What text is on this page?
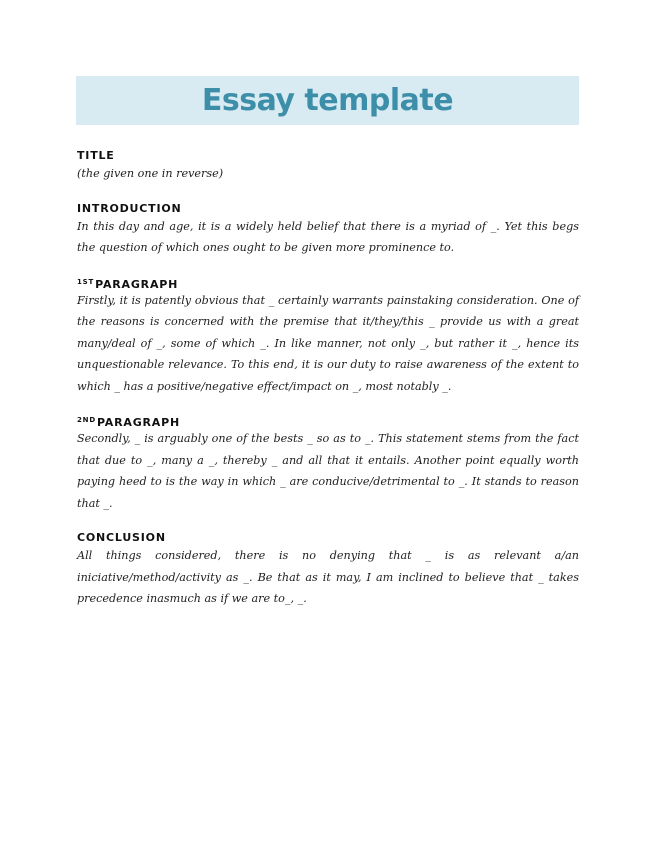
Essay template
TITLE
(the given one in reverse)
INTRODUCTION
In this day and age, it is a widely held belief that there is a myriad of _. Yet this begs the question of which ones ought to be given more prominence to.
$^{1ST}$PARAGRAPH
Firstly, it is patently obvious that _ certainly warrants painstaking consideration. One of the reasons is concerned with the premise that it/they/this _ provide us with a great many/deal of _, some of which _. In like manner, not only _, but rather it _, hence its unquestionable relevance. To this end, it is our duty to raise awareness of the extent to which _ has a positive/negative effect/impact on _, most notably _.
$^{2ND}$PARAGRAPH
Secondly, _ is arguably one of the bests _ so as to _. This statement stems from the fact that due to _, many a _, thereby _ and all that it entails. Another point equally worth paying heed to is the way in which _ are conducive/detrimental to _. It stands to reason that _.
CONCLUSION
All things considered, there is no denying that _ is as relevant a/an iniciative/method/activity as _. Be that as it may, I am inclined to believe that _ takes precedence inasmuch as if we are to_, _.
